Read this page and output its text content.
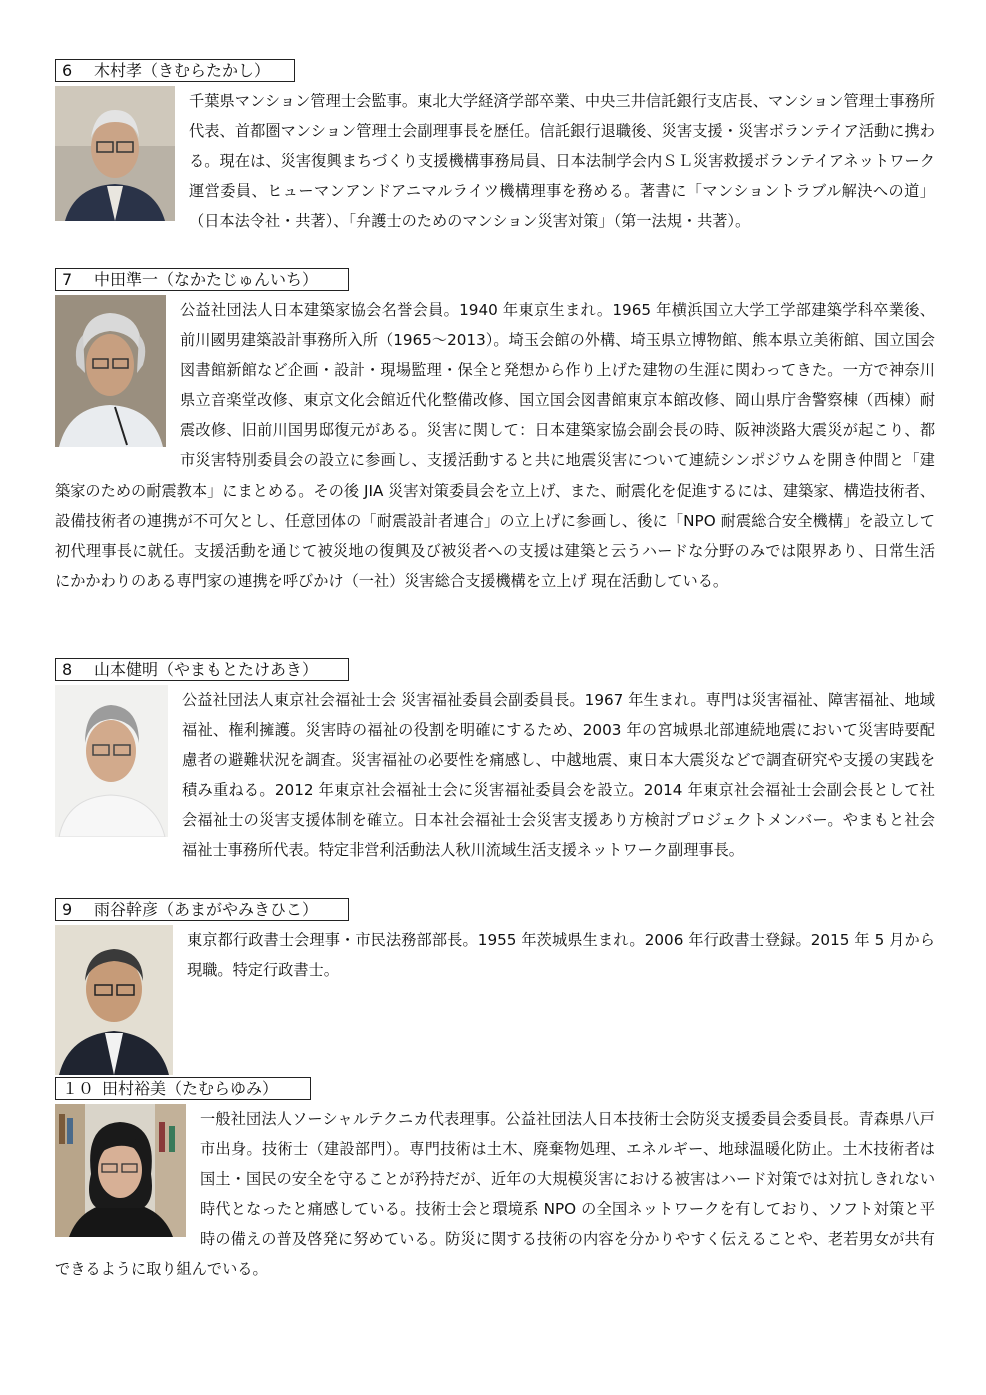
6 木村孝（きむらたかし）
千葉県マンション管理士会監事。東北大学経済学部卒業、中央三井信託銀行支店長、マンション管理士事務所代表、首都圏マンション管理士会副理事長を歴任。信託銀行退職後、災害支援・災害ボランテイア活動に携わる。現在は、災害復興まちづくり支援機構事務局員、日本法制学会内ＳＬ災害救援ボランテイアネットワーク運営委員、ヒューマンアンドアニマルライツ機構理事を務める。著書に「マンショントラブル解決への道」（日本法令社・共著）、「弁護士のためのマンション災害対策」（第一法規・共著）。
7 中田準一（なかたじゅんいち）
公益社団法人日本建築家協会名誉会員。1940 年東京生まれ。1965 年横浜国立大学工学部建築学科卒業後、前川國男建築設計事務所入所（1965～2013）。埼玉会館の外構、埼玉県立博物館、熊本県立美術館、国立国会図書館新館など企画・設計・現場監理・保全と発想から作り上げた建物の生涯に関わってきた。一方で神奈川県立音楽堂改修、東京文化会館近代化整備改修、国立国会図書館東京本館改修、岡山県庁舎警察棟（西棟）耐震改修、旧前川国男邸復元がある。災害に関して：日本建築家協会副会長の時、阪神淡路大震災が起こり、都市災害特別委員会の設立に参画し、支援活動すると共に地震災害について連続シンポジウムを開き仲間と「建築家のための耐震教本」にまとめる。その後 JIA 災害対策委員会を立上げ、また、耐震化を促進するには、建築家、構造技術者、設備技術者の連携が不可欠とし、任意団体の「耐震設計者連合」の立上げに参画し、後に「NPO 耐震総合安全機構」を設立して初代理事長に就任。支援活動を通じて被災地の復興及び被災者への支援は建築と云うハードな分野のみでは限界あり、日常生活にかかわりのある専門家の連携を呼びかけ（一社）災害総合支援機構を立上げ 現在活動している。
8 山本健明（やまもとたけあき）
公益社団法人東京社会福祉士会 災害福祉委員会副委員長。1967 年生まれ。専門は災害福祉、障害福祉、地域福祉、権利擁護。災害時の福祉の役割を明確にするため、2003 年の宮城県北部連続地震において災害時要配慮者の避難状況を調査。災害福祉の必要性を痛感し、中越地震、東日本大震災などで調査研究や支援の実践を積み重ねる。2012 年東京社会福祉士会に災害福祉委員会を設立。2014 年東京社会福祉士会副会長として社会福祉士の災害支援体制を確立。日本社会福祉士会災害支援あり方検討プロジェクトメンバー。やまもと社会福祉士事務所代表。特定非営利活動法人秋川流域生活支援ネットワーク副理事長。
9 雨谷幹彦（あまがやみきひこ）
東京都行政書士会理事・市民法務部部長。1955 年茨城県生まれ。2006 年行政書士登録。2015 年 5 月から現職。特定行政書士。
１０ 田村裕美（たむらゆみ）
一般社団法人ソーシャルテクニカ代表理事。公益社団法人日本技術士会防災支援委員会委員長。青森県八戸市出身。技術士（建設部門）。専門技術は土木、廃棄物処理、エネルギー、地球温暖化防止。土木技術者は国土・国民の安全を守ることが矜持だが、近年の大規模災害における被害はハード対策では対抗しきれない時代となったと痛感している。技術士会と環境系 NPO の全国ネットワークを有しており、ソフト対策と平時の備えの普及啓発に努めている。防災に関する技術の内容を分かりやすく伝えることや、老若男女が共有できるように取り組んでいる。
